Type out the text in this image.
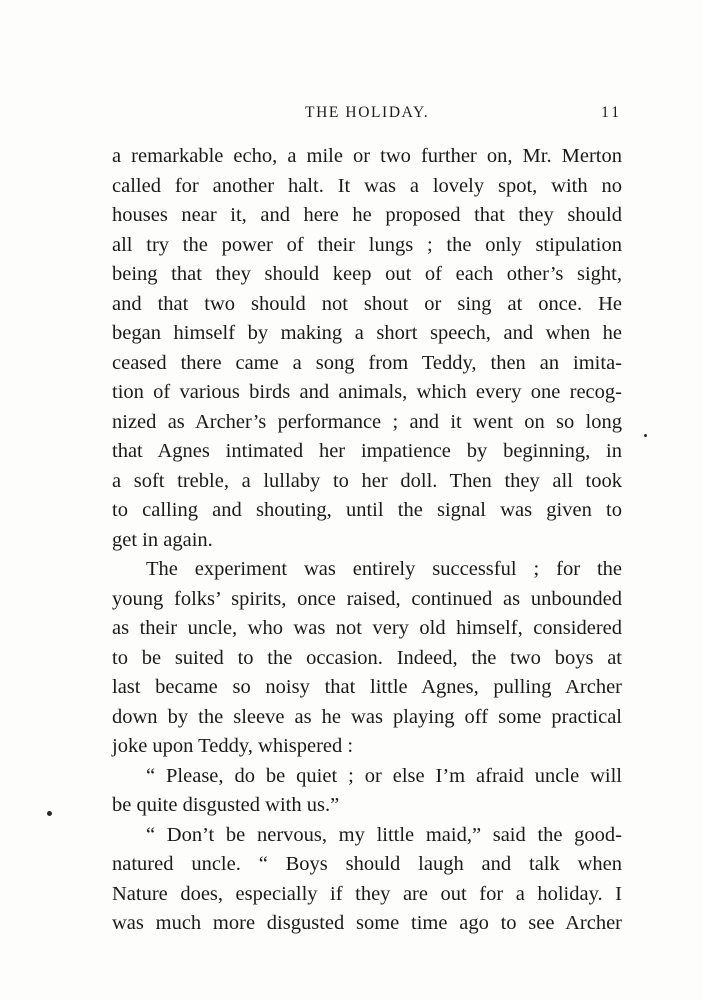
THE HOLIDAY.	11
a remarkable echo, a mile or two further on, Mr. Merton
called for another halt. It was a lovely spot, with no
houses near it, and here he proposed that they should
all try the power of their lungs ; the only stipulation
being that they should keep out of each other’s sight,
and that two should not shout or sing at once. He
began himself by making a short speech, and when he
ceased there came a song from Teddy, then an imita-
tion of various birds and animals, which every one recog-
nized as Archer’s performance ; and it went on so long
that Agnes intimated her impatience by beginning, in
a soft treble, a lullaby to her doll. Then they all took
to calling and shouting, until the signal was given to
get in again.
The experiment was entirely successful ; for the
young folks’ spirits, once raised, continued as unbounded
as their uncle, who was not very old himself, considered
to be suited to the occasion. Indeed, the two boys at
last became so noisy that little Agnes, pulling Archer
down by the sleeve as he was playing off some practical
joke upon Teddy, whispered :
“ Please, do be quiet ; or else I’m afraid uncle will
be quite disgusted with us.”
“ Don’t be nervous, my little maid,” said the good-
natured uncle. “ Boys should laugh and talk when
Nature does, especially if they are out for a holiday. I
was much more disgusted some time ago to see Archer
